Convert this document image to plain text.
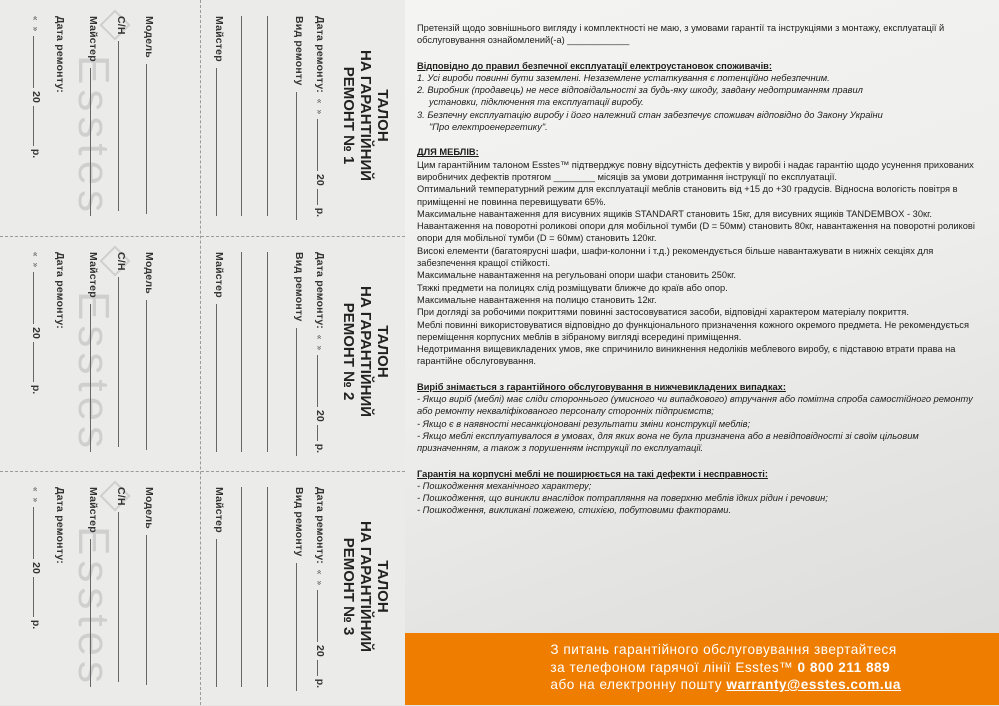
Esstes
Модель
С/Н
Майстер
Дата ремонту:
« »20р.
ТАЛОН
НА ГАРАНТІЙНИЙ
РЕМОНТ № 1
Дата ремонту:« »20р.
Вид ремонту
Майстер
Esstes
Модель
С/Н
Майстер
Дата ремонту:
« »20р.
ТАЛОН
НА ГАРАНТІЙНИЙ
РЕМОНТ № 2
Дата ремонту:« »20р.
Вид ремонту
Майстер
Esstes
Модель
С/Н
Майстер
Дата ремонту:
« »20р.
ТАЛОН
НА ГАРАНТІЙНИЙ
РЕМОНТ № 3
Дата ремонту:« »20р.
Вид ремонту
Майстер

Претензій щодо зовнішнього вигляду і комплектності не маю, з умовами гарантії та інструкціями з монтажу, експлуатації й обслуговування ознайомлений(-а) ____________

Відповідно до правил безпечної експлуатації електроустановок споживачів:

1. Усі вироби повинні бути заземлені. Незаземлене устаткування є потенційно небезпечним.

2. Виробник (продавець) не несе відповідальності за будь-яку шкоду, завдану недотриманням правил

установки, підключення та експлуатації виробу.

3. Безпечну експлуатацію виробу і його належний стан забезпечує споживач відповідно до Закону України

"Про електроенергетику".

ДЛЯ МЕБЛІВ:

Цим гарантійним талоном Esstes™ підтверджує повну відсутність дефектів у виробі і надає гарантію щодо усунення прихованих виробничих дефектів протягом ________ місяців за умови дотримання інструкції по експлуатації.

Оптимальний температурний режим для експлуатації меблів становить від +15 до +30 градусів. Відносна вологість повітря в приміщенні не повинна перевищувати 65%.

Максимальне навантаження для висувних ящиків STANDART становить 15кг, для висувних ящиків TANDEMBOX - 30кг.

Навантаження на поворотні роликові опори для мобільної тумби (D = 50мм) становить 80кг, навантаження на поворотні роликові опори для мобільної тумби (D = 60мм) становить 120кг.

Високі елементи (багатоярусні шафи, шафи-колонни і т.д.) рекомендується більше навантажувати в нижніх секціях для забезпечення кращої стійкості.

Максимальне навантаження на регульовані опори шафи становить 250кг.

Тяжкі предмети на полицях слід розміщувати ближче до країв або опор.

Максимальне навантаження на полицю становить 12кг.

При догляді за робочими покриттями повинні застосовуватися засоби, відповідні характером матеріалу покриття.

Меблі повинні використовуватися відповідно до функціонального призначення кожного окремого предмета. Не рекомендується переміщення корпусних меблів в зібраному вигляді всередині приміщення.

Недотримання вищевикладених умов, яке спричинило виникнення недоліків меблевого виробу, є підставою втрати права на гарантійне обслуговування.

Виріб знімається з гарантійного обслуговування в нижчевикладених випадках:

- Якщо виріб (меблі) має сліди стороннього (умисного чи випадкового) втручання або помітна спроба самостійного ремонту або ремонту некваліфікованого персоналу сторонніх підприємств;

- Якщо є в наявності несанкціоновані результати зміни конструкції меблів;

- Якщо меблі експлуатувалося в умовах, для яких вона не була призначена або в невідповідності зі своїм цільовим призначенням, а також з порушенням інструкції по експлуатації.

Гарантія на корпусні меблі не поширюється на такі дефекти і несправності:

- Пошкодження механічного характеру;

- Пошкодження, що виникли внаслідок потрапляння на поверхню меблів їдких рідин і речовин;

- Пошкодження, викликані пожежею, стихією, побутовими факторами.

З питань гарантійного обслуговування звертайтеся
за телефоном гарячої лінії Esstes™ 0 800 211 889
або на електронну пошту warranty@esstes.com.ua
